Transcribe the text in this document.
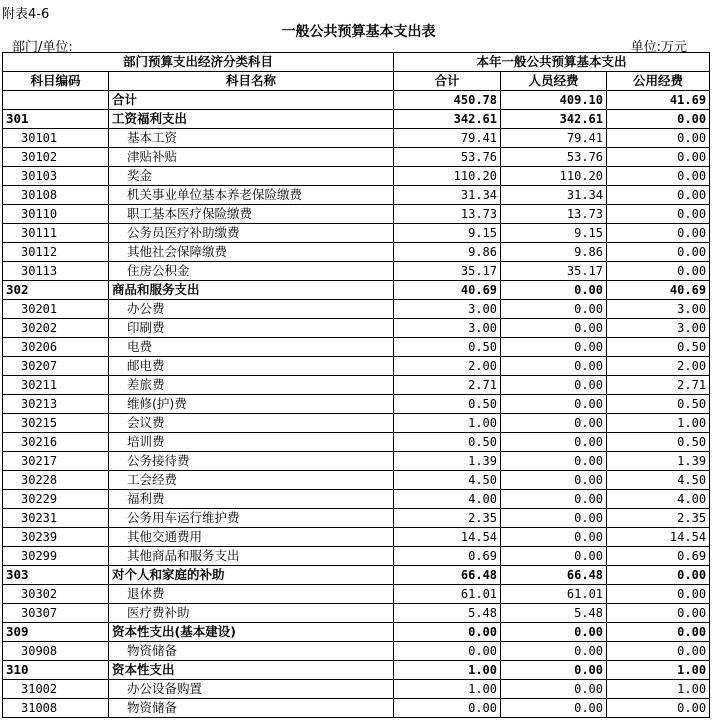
附表4-6
一般公共预算基本支出表
部门/单位:	单位:万元
部门预算支出经济分类科目		本年一般公共预算基本支出		
科目编码	科目名称	合计	人员经费	公用经费
	合计	450.78	409.10	41.69
301	工资福利支出	342.61	342.61	0.00
30101	基本工资	79.41	79.41	0.00
30102	津贴补贴	53.76	53.76	0.00
30103	奖金	110.20	110.20	0.00
30108	机关事业单位基本养老保险缴费	31.34	31.34	0.00
30110	职工基本医疗保险缴费	13.73	13.73	0.00
30111	公务员医疗补助缴费	9.15	9.15	0.00
30112	其他社会保障缴费	9.86	9.86	0.00
30113	住房公积金	35.17	35.17	0.00
302	商品和服务支出	40.69	0.00	40.69
30201	办公费	3.00	0.00	3.00
30202	印刷费	3.00	0.00	3.00
30206	电费	0.50	0.00	0.50
30207	邮电费	2.00	0.00	2.00
30211	差旅费	2.71	0.00	2.71
30213	维修(护)费	0.50	0.00	0.50
30215	会议费	1.00	0.00	1.00
30216	培训费	0.50	0.00	0.50
30217	公务接待费	1.39	0.00	1.39
30228	工会经费	4.50	0.00	4.50
30229	福利费	4.00	0.00	4.00
30231	公务用车运行维护费	2.35	0.00	2.35
30239	其他交通费用	14.54	0.00	14.54
30299	其他商品和服务支出	0.69	0.00	0.69
303	对个人和家庭的补助	66.48	66.48	0.00
30302	退休费	61.01	61.01	0.00
30307	医疗费补助	5.48	5.48	0.00
309	资本性支出(基本建设)	0.00	0.00	0.00
30908	物资储备	0.00	0.00	0.00
310	资本性支出	1.00	0.00	1.00
31002	办公设备购置	1.00	0.00	1.00
31008	物资储备	0.00	0.00	0.00
